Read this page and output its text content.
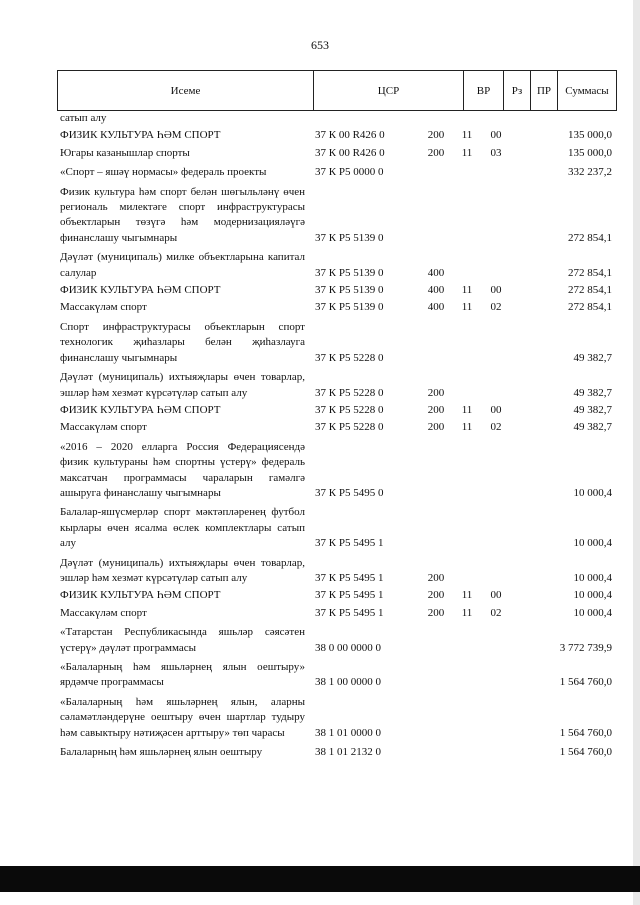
653
Исеме	ЦСР	ВР	Рз	ПР	Суммасы
сатып алу
ФИЗИК КУЛЬТУРА ҺӘМ СПОРТ	37 К 00 R426 0	200	11	00	135 000,0
Югары казанышлар спорты	37 К 00 R426 0	200	11	03	135 000,0
«Спорт – яшәү нормасы» федераль проекты	37 К Р5 0000 0	332 237,2
Физик культура һәм спорт белән шөгыльләнү өчен региональ милектәге спорт инфраструктурасы объектларын төзүгә һәм модернизацияләүгә финанслашу чыгымнары	37 К Р5 5139 0	272 854,1
Дәүләт (муниципаль) милке объектларына капитал салулар	37 К Р5 5139 0	400	272 854,1
ФИЗИК КУЛЬТУРА ҺӘМ СПОРТ	37 К Р5 5139 0	400	11	00	272 854,1
Массакүләм спорт	37 К Р5 5139 0	400	11	02	272 854,1
Спорт инфраструктурасы объектларын спорт технологик җиһазлары белән җиһазлауга финанслашу чыгымнары	37 К Р5 5228 0	49 382,7
Дәүләт (муниципаль) ихтыяҗлары өчен товарлар, эшләр һәм хезмәт күрсәтүләр сатып алу	37 К Р5 5228 0	200	49 382,7
ФИЗИК КУЛЬТУРА ҺӘМ СПОРТ	37 К Р5 5228 0	200	11	00	49 382,7
Массакүләм спорт	37 К Р5 5228 0	200	11	02	49 382,7
«2016 – 2020 елларга Россия Федерациясендә физик культураны һәм спортны үстерү» федераль максатчан программасы чараларын гамәлгә ашыруга финанслашу чыгымнары	37 К Р5 5495 0	10 000,4
Балалар-яшүсмерләр спорт мәктәпләренең футбол кырлары өчен ясалма өслек комплектлары сатып алу	37 К Р5 5495 1	10 000,4
Дәүләт (муниципаль) ихтыяҗлары өчен товарлар, эшләр һәм хезмәт күрсәтүләр сатып алу	37 К Р5 5495 1	200	10 000,4
ФИЗИК КУЛЬТУРА ҺӘМ СПОРТ	37 К Р5 5495 1	200	11	00	10 000,4
Массакүләм спорт	37 К Р5 5495 1	200	11	02	10 000,4
«Татарстан Республикасында яшьләр сәясәтен үстерү» дәүләт программасы	38 0 00 0000 0	3 772 739,9
«Балаларның һәм яшьләрнең ялын оештыру» ярдәмче программасы	38 1 00 0000 0	1 564 760,0
«Балаларның һәм яшьләрнең ялын, аларны сәламәтләндерүне оештыру өчен шартлар тудыру һәм савыктыру нәтиҗәсен арттыру» төп чарасы	38 1 01 0000 0	1 564 760,0
Балаларның һәм яшьләрнең ялын оештыру	38 1 01 2132 0	1 564 760,0
